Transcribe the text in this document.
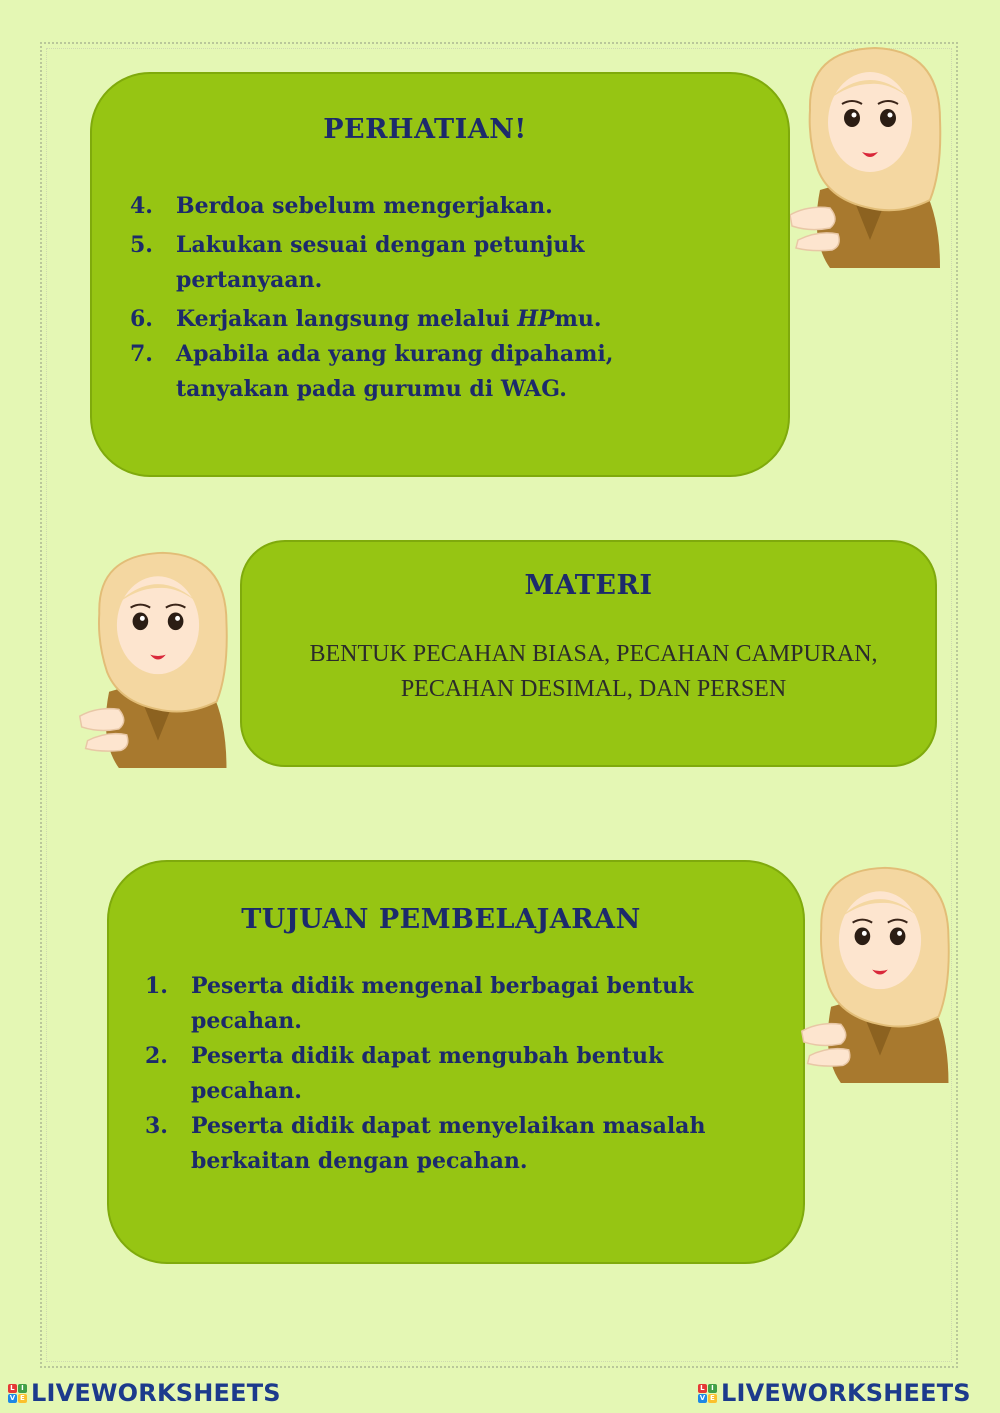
PERHATIAN!
4. Berdoa sebelum mengerjakan.
5. Lakukan sesuai dengan petunjuk pertanyaan.
6. Kerjakan langsung melalui HPmu.
7. Apabila ada yang kurang dipahami, tanyakan pada gurumu di WAG.
MATERI
BENTUK PECAHAN BIASA, PECAHAN CAMPURAN, PECAHAN DESIMAL, DAN PERSEN
TUJUAN PEMBELAJARAN
1. Peserta didik mengenal berbagai bentuk pecahan.
2. Peserta didik dapat mengubah bentuk pecahan.
3. Peserta didik dapat menyelaikan masalah berkaitan dengan pecahan.
L I
V E LIVEWORKSHEETS	L I
V E LIVEWORKSHEETS
